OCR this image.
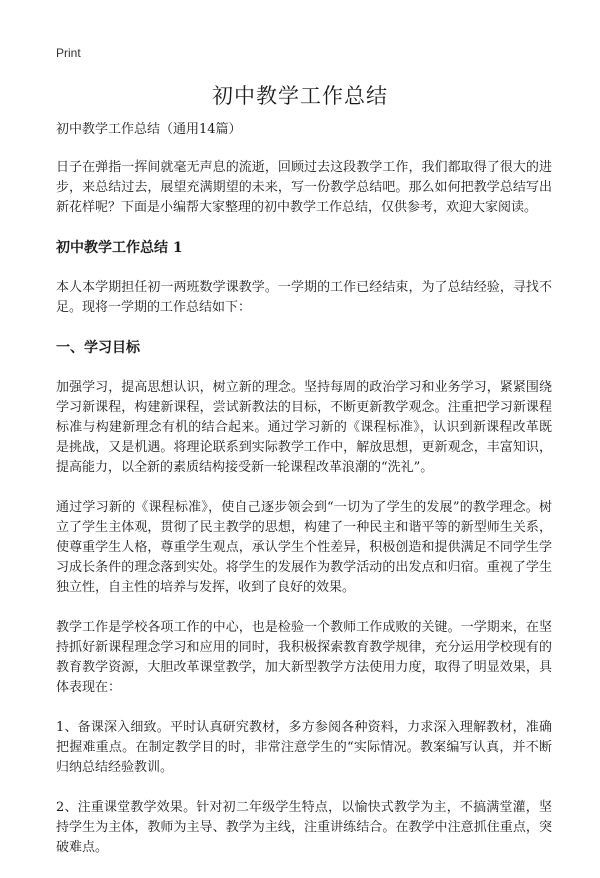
Print
初中教学工作总结

初中教学工作总结（通用14篇）

日子在弹指一挥间就毫无声息的流逝，回顾过去这段教学工作，我们都取得了很大的进步，来总结过去，展望充满期望的未来，写一份教学总结吧。那么如何把教学总结写出新花样呢？下面是小编帮大家整理的初中教学工作总结，仅供参考，欢迎大家阅读。

初中教学工作总结 1

本人本学期担任初一两班数学课教学。一学期的工作已经结束，为了总结经验，寻找不足。现将一学期的工作总结如下：

一、学习目标

加强学习，提高思想认识，树立新的理念。坚持每周的政治学习和业务学习，紧紧围绕学习新课程，构建新课程，尝试新教法的目标，不断更新教学观念。注重把学习新课程标准与构建新理念有机的结合起来。通过学习新的《课程标准》，认识到新课程改革既是挑战，又是机遇。将理论联系到实际教学工作中，解放思想，更新观念，丰富知识，提高能力，以全新的素质结构接受新一轮课程改革浪潮的“洗礼”。

通过学习新的《课程标准》，使自己逐步领会到“一切为了学生的发展”的教学理念。树立了学生主体观，贯彻了民主教学的思想，构建了一种民主和谐平等的新型师生关系，使尊重学生人格，尊重学生观点，承认学生个性差异，积极创造和提供满足不同学生学习成长条件的理念落到实处。将学生的发展作为教学活动的出发点和归宿。重视了学生独立性，自主性的培养与发挥，收到了良好的效果。

教学工作是学校各项工作的中心，也是检验一个教师工作成败的关键。一学期来，在坚持抓好新课程理念学习和应用的同时，我积极探索教育教学规律，充分运用学校现有的教育教学资源，大胆改革课堂教学，加大新型教学方法使用力度，取得了明显效果，具体表现在：

1、备课深入细致。平时认真研究教材，多方参阅各种资料，力求深入理解教材，准确把握难重点。在制定教学目的时，非常注意学生的“实际情况。教案编写认真，并不断归纳总结经验教训。

2、注重课堂教学效果。针对初二年级学生特点，以愉快式教学为主，不搞满堂灌，坚持学生为主体，教师为主导、教学为主线，注重讲练结合。在教学中注意抓住重点，突破难点。
